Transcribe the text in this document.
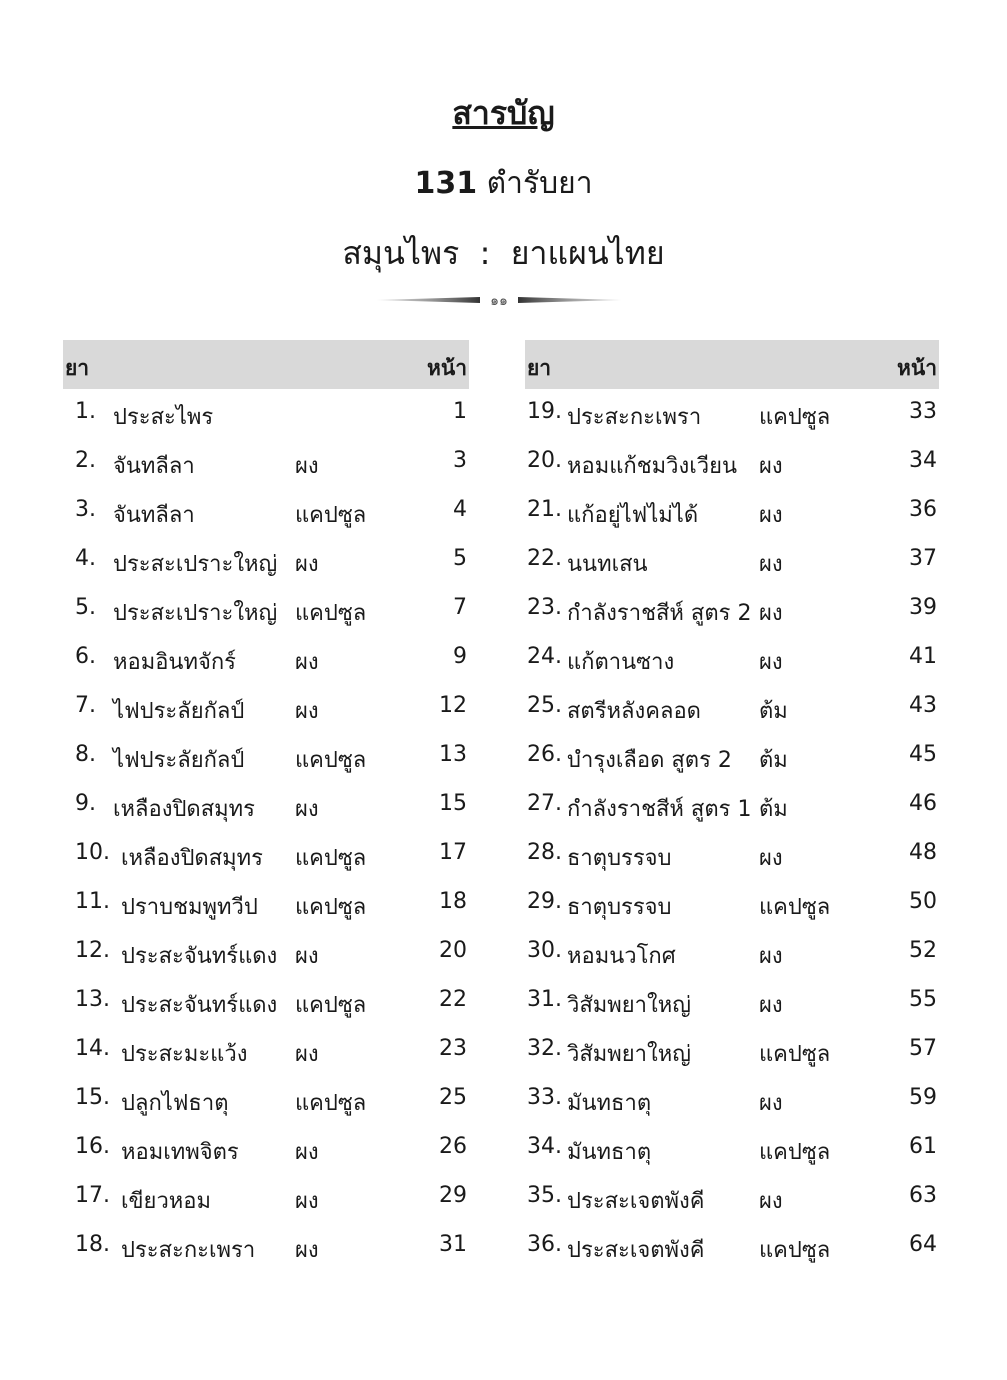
สารบัญ
131 ตำรับยา
สมุนไพร  :  ยาแผนไทย
๑๑
ยา	หน้า
1. ประสะไพร	1
2. จันทลีลา	ผง	3
3. จันทลีลา	แคปซูล	4
4. ประสะเปราะใหญ่ ผง	5
5. ประสะเปราะใหญ่ แคปซูล	7
6. หอมอินทจักร์	ผง	9
7. ไฟประลัยกัลป์ ผง	12
8. ไฟประลัยกัลป์ แคปซูล	13
9. เหลืองปิดสมุทร ผง	15
10. เหลืองปิดสมุทร แคปซูล	17
11. ปราบชมพูทวีป แคปซูล	18
12. ประสะจันทร์แดง ผง	20
13. ประสะจันทร์แดง แคปซูล	22
14. ประสะมะแว้ง ผง	23
15. ปลูกไฟธาตุ	แคปซูล	25
16. หอมเทพจิตร	ผง	26
17. เขียวหอม	ผง	29
18. ประสะกะเพรา ผง	31
ยา	หน้า
19. ประสะกะเพรา	แคปซูล	33
20. หอมแก้ชมวิงเวียน ผง	34
21. แก้อยู่ไฟไม่ได้	ผง	36
22. นนทเสน	ผง	37
23. กำลังราชสีห์ สูตร 2 ผง	39
24. แก้ตานซาง	ผง	41
25. สตรีหลังคลอด	ต้ม	43
26. บำรุงเลือด สูตร 2 ต้ม	45
27. กำลังราชสีห์ สูตร 1 ต้ม	46
28. ธาตุบรรจบ	ผง	48
29. ธาตุบรรจบ	แคปซูล	50
30. หอมนวโกศ	ผง	52
31. วิสัมพยาใหญ่	ผง	55
32. วิสัมพยาใหญ่	แคปซูล	57
33. มันทธาตุ	ผง	59
34. มันทธาตุ	แคปซูล	61
35. ประสะเจตพังคี ผง	63
36. ประสะเจตพังคี แคปซูล	64
